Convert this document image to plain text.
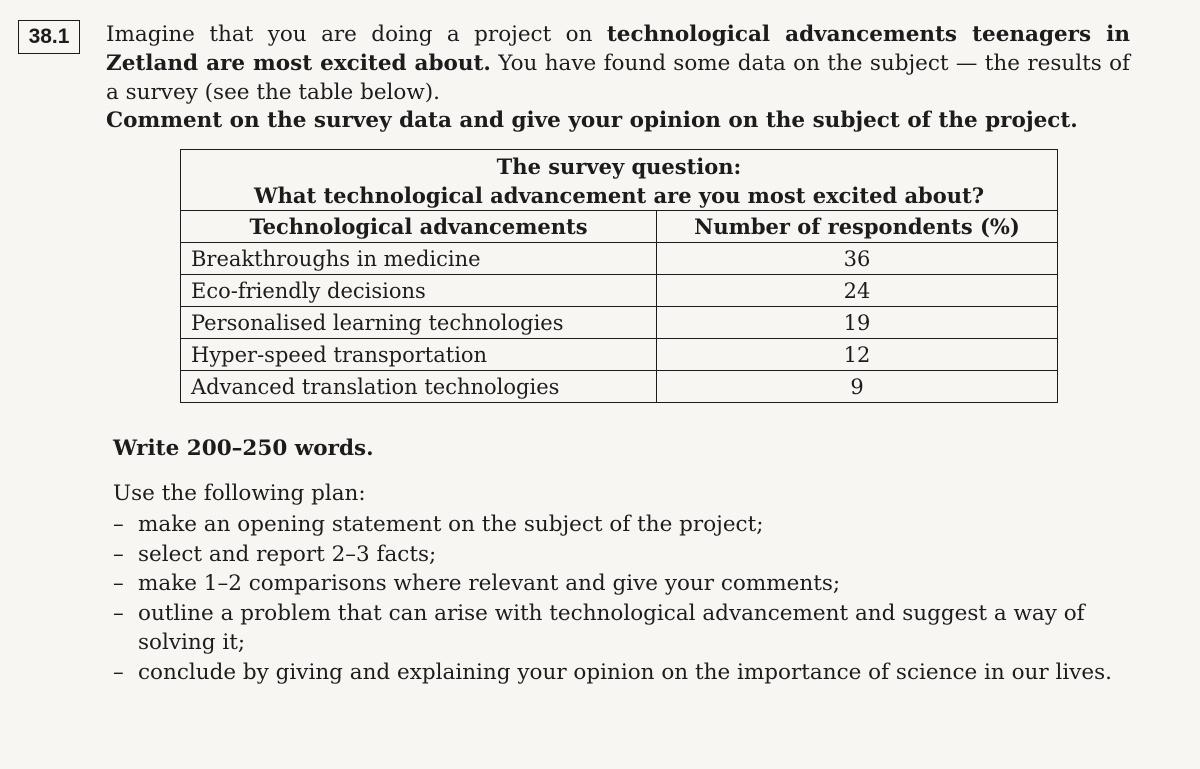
38.1 Imagine that you are doing a project on technological advancements teenagers in Zetland are most excited about. You have found some data on the subject — the results of a survey (see the table below).
Comment on the survey data and give your opinion on the subject of the project.
The survey question:
What technological advancement are you most excited about?	

Technological advancements	Number of respondents (%)
Breakthroughs in medicine	36
Eco-friendly decisions	24
Personalised learning technologies	19
Hyper-speed transportation	12
Advanced translation technologies	9
Write 200–250 words.
Use the following plan:
– make an opening statement on the subject of the project;
– select and report 2–3 facts;
– make 1–2 comparisons where relevant and give your comments;
– outline a problem that can arise with technological advancement and suggest a way of solving it;
– conclude by giving and explaining your opinion on the importance of science in our lives.
